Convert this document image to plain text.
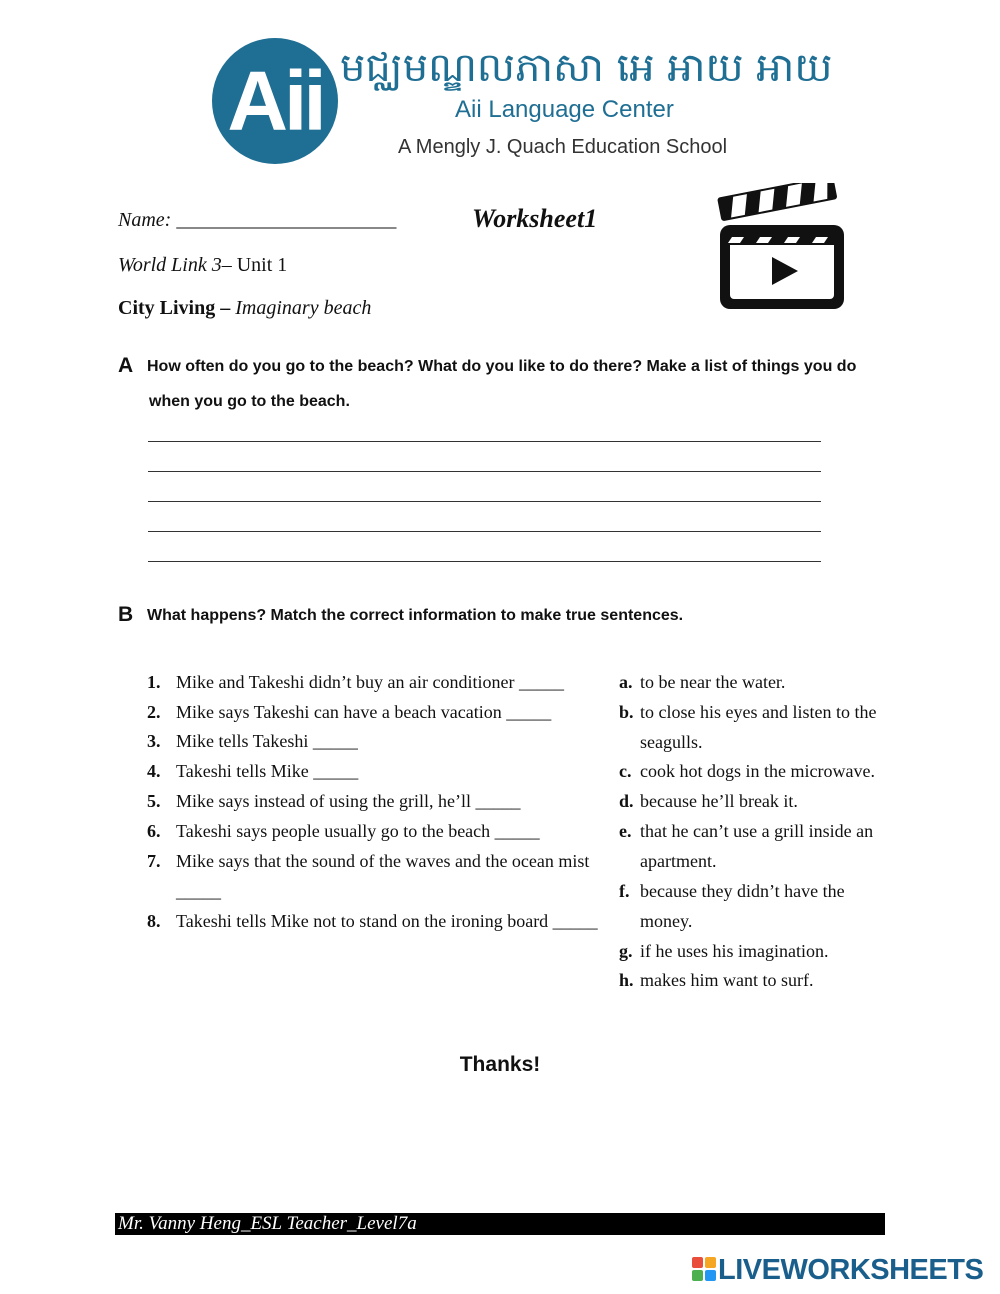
Aii មជ្ឈមណ្ឌលភាសា អេ អាយ អាយ
Aii Language Center
A Mengly J. Quach Education School
Name: ______________________	Worksheet1
World Link 3– Unit 1
City Living – Imaginary beach
A How often do you go to the beach? What do you like to do there? Make a list of things you do
when you go to the beach.
B What happens? Match the correct information to make true sentences.
1. Mike and Takeshi didn’t buy an air conditioner _____
2. Mike says Takeshi can have a beach vacation _____
3. Mike tells Takeshi _____
4. Takeshi tells Mike _____
5. Mike says instead of using the grill, he’ll _____
6. Takeshi says people usually go to the beach _____
7. Mike says that the sound of the waves and the ocean mist
_____
8. Takeshi tells Mike not to stand on the ironing board _____
a. to be near the water.
b. to close his eyes and listen to the
seagulls.
c. cook hot dogs in the microwave.
d. because he’ll break it.
e. that he can’t use a grill inside an
apartment.
f. because they didn’t have the
money.
g. if he uses his imagination.
h. makes him want to surf.
Thanks!
Mr. Vanny Heng_ESL Teacher_Level7a
LIVEWORKSHEETS
